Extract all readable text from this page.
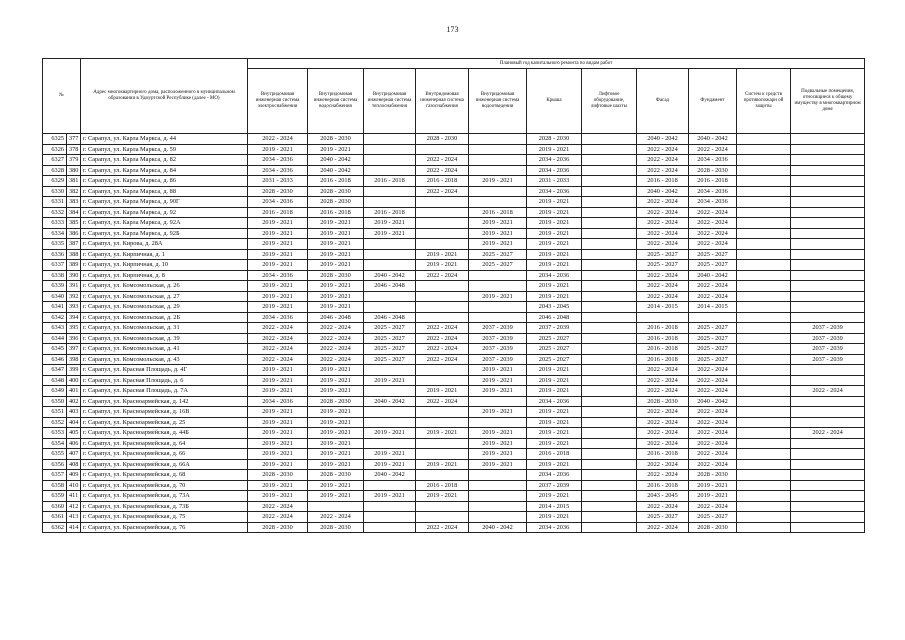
173
№		Адрес многоквартирного дома, расположенного в муниципальном образовании в Удмуртской Республике (далее - МО)	Плановый год капитального ремонта по видам работ										
			Внутридомовая инженерная система электроснабжения	Внутридомовая инженерная система водоснабжения	Внутридомовая инженерная система теплоснабжения	Внутридомовая инженерная система газоснабжения	Внутридомовая инженерная система водоотведения	Крыша	Лифтовое оборудование, лифтовые шахты	Фасад	Фундамент	Систем к средств противопожарн ой защиты	Подвальные помещения, относящиеся к общему имуществу в многоквартирном доме
6325	377	г. Сарапул, ул. Карла Маркса, д. 44	2022 - 2024	2028 - 2030		2028 - 2030		2028 - 2030		2040 - 2042	2040 - 2042		
6326	378	г. Сарапул, ул. Карла Маркса, д. 59	2019 - 2021	2019 - 2021				2019 - 2021		2022 - 2024	2022 - 2024		
6327	379	г. Сарапул, ул. Карла Маркса, д. 82	2034 - 2036	2040 - 2042		2022 - 2024		2034 - 2036		2022 - 2024	2034 - 2036		
6328	380	г. Сарапул, ул. Карла Маркса, д. 84	2034 - 2036	2040 - 2042		2022 - 2024		2034 - 2036		2022 - 2024	2028 - 2030		
6329	381	г. Сарапул, ул. Карла Маркса, д. 86	2031 - 2033	2016 - 2018	2016 - 2018	2016 - 2018	2019 - 2021	2031 - 2033		2016 - 2018	2016 - 2018		
6330	382	г. Сарапул, ул. Карла Маркса, д. 88	2028 - 2030	2028 - 2030		2022 - 2024		2034 - 2036		2040 - 2042	2034 - 2036		
6331	383	г. Сарапул, ул. Карла Маркса, д. 90Г	2034 - 2036	2028 - 2030				2019 - 2021		2022 - 2024	2034 - 2036		
6332	384	г. Сарапул, ул. Карла Маркса, д. 92	2016 - 2018	2016 - 2018	2016 - 2018		2016 - 2018	2019 - 2021		2022 - 2024	2022 - 2024		
6333	385	г. Сарапул, ул. Карла Маркса, д. 92А	2019 - 2021	2019 - 2021	2019 - 2021		2019 - 2021	2019 - 2021		2022 - 2024	2022 - 2024		
6334	386	г. Сарапул, ул. Карла Маркса, д. 92Б	2019 - 2021	2019 - 2021	2019 - 2021		2019 - 2021	2019 - 2021		2022 - 2024	2022 - 2024		
6335	387	г. Сарапул, ул. Кирова, д. 28А	2019 - 2021	2019 - 2021			2019 - 2021	2019 - 2021		2022 - 2024	2022 - 2024		
6336	388	г. Сарапул, ул. Кирпичная, д. 1	2019 - 2021	2019 - 2021		2019 - 2021	2025 - 2027	2019 - 2021		2025 - 2027	2025 - 2027		
6337	389	г. Сарапул, ул. Кирпичная, д. 10	2019 - 2021	2019 - 2021		2019 - 2021	2025 - 2027	2019 - 2021		2025 - 2027	2025 - 2027		
6338	390	г. Сарапул, ул. Кирпичная, д. 8	2034 - 2036	2028 - 2030	2040 - 2042	2022 - 2024		2034 - 2036		2022 - 2024	2040 - 2042		
6339	391	г. Сарапул, ул. Комсомольская, д. 26	2019 - 2021	2019 - 2021	2046 - 2048			2019 - 2021		2022 - 2024	2022 - 2024		
6340	392	г. Сарапул, ул. Комсомольская, д. 27	2019 - 2021	2019 - 2021			2019 - 2021	2019 - 2021		2022 - 2024	2022 - 2024		
6341	393	г. Сарапул, ул. Комсомольская, д. 29	2019 - 2021	2019 - 2021				2043 - 2045		2014 - 2015	2014 - 2015		
6342	394	г. Сарапул, ул. Комсомольская, д. 2Б	2034 - 2036	2046 - 2048	2046 - 2048			2046 - 2048					
6343	395	г. Сарапул, ул. Комсомольская, д. 31	2022 - 2024	2022 - 2024	2025 - 2027	2022 - 2024	2037 - 2039	2037 - 2039		2016 - 2018	2025 - 2027		2037 - 2039
6344	396	г. Сарапул, ул. Комсомольская, д. 39	2022 - 2024	2022 - 2024	2025 - 2027	2022 - 2024	2037 - 2039	2025 - 2027		2016 - 2018	2025 - 2027		2037 - 2039
6345	397	г. Сарапул, ул. Комсомольская, д. 41	2022 - 2024	2022 - 2024	2025 - 2027	2022 - 2024	2037 - 2039	2025 - 2027		2016 - 2018	2025 - 2027		2037 - 2039
6346	398	г. Сарапул, ул. Комсомольская, д. 43	2022 - 2024	2022 - 2024	2025 - 2027	2022 - 2024	2037 - 2039	2025 - 2027		2016 - 2018	2025 - 2027		2037 - 2039
6347	399	г. Сарапул, ул. Красная Площадь, д. 4Г	2019 - 2021	2019 - 2021			2019 - 2021	2019 - 2021		2022 - 2024	2022 - 2024		
6348	400	г. Сарапул, ул. Красная Площадь, д. 6	2019 - 2021	2019 - 2021	2019 - 2021		2019 - 2021	2019 - 2021		2022 - 2024	2022 - 2024		
6349	401	г. Сарапул, ул. Красная Площадь, д. 7А	2019 - 2021	2019 - 2021		2019 - 2021	2019 - 2021	2019 - 2021		2022 - 2024	2022 - 2024		2022 - 2024
6350	402	г. Сарапул, ул. Красноармейская, д. 142	2034 - 2036	2028 - 2030	2040 - 2042	2022 - 2024		2034 - 2036		2028 - 2030	2040 - 2042		
6351	403	г. Сарапул, ул. Красноармейская, д. 16В	2019 - 2021	2019 - 2021			2019 - 2021	2019 - 2021		2022 - 2024	2022 - 2024		
6352	404	г. Сарапул, ул. Красноармейская, д. 25	2019 - 2021	2019 - 2021				2019 - 2021		2022 - 2024	2022 - 2024		
6353	405	г. Сарапул, ул. Красноармейская, д. 44Б	2019 - 2021	2019 - 2021	2019 - 2021	2019 - 2021	2019 - 2021	2019 - 2021		2022 - 2024	2022 - 2024		2022 - 2024
6354	406	г. Сарапул, ул. Красноармейская, д. 64	2019 - 2021	2019 - 2021			2019 - 2021	2019 - 2021		2022 - 2024	2022 - 2024		
6355	407	г. Сарапул, ул. Красноармейская, д. 66	2019 - 2021	2019 - 2021	2019 - 2021		2019 - 2021	2016 - 2018		2016 - 2018	2022 - 2024		
6356	408	г. Сарапул, ул. Красноармейская, д. 66А	2019 - 2021	2019 - 2021	2019 - 2021	2019 - 2021	2019 - 2021	2019 - 2021		2022 - 2024	2022 - 2024		
6357	409	г. Сарапул, ул. Красноармейская, д. 68	2028 - 2030	2028 - 2030	2040 - 2042			2034 - 2036		2022 - 2024	2028 - 2030		
6358	410	г. Сарапул, ул. Красноармейская, д. 70	2019 - 2021	2019 - 2021		2016 - 2018		2037 - 2039		2016 - 2018	2019 - 2021		
6359	411	г. Сарапул, ул. Красноармейская, д. 73А	2019 - 2021	2019 - 2021	2019 - 2021	2019 - 2021		2019 - 2021		2043 - 2045	2019 - 2021		
6360	412	г. Сарапул, ул. Красноармейская, д. 73Б	2022 - 2024					2014 - 2015		2022 - 2024	2022 - 2024		
6361	413	г. Сарапул, ул. Красноармейская, д. 75	2022 - 2024	2022 - 2024				2019 - 2021		2025 - 2027	2025 - 2027		
6362	414	г. Сарапул, ул. Красноармейская, д. 76	2028 - 2030	2028 - 2030		2022 - 2024	2040 - 2042	2034 - 2036		2022 - 2024	2028 - 2030		
